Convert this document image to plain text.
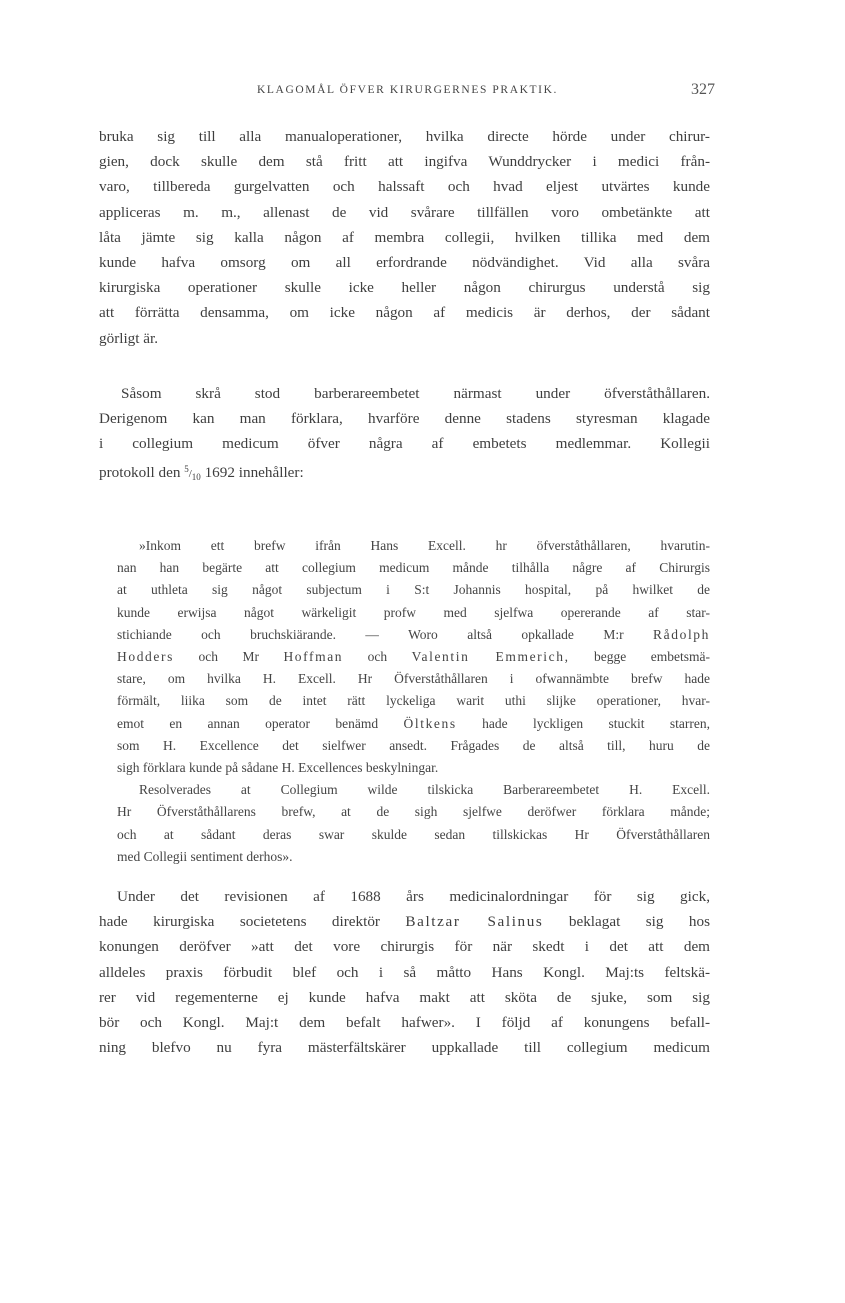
KLAGOMÅL ÖFVER KIRURGERNES PRAKTIK.	327
bruka sig till alla manualoperationer, hvilka directe hörde under chirur-
gien, dock skulle dem stå fritt att ingifva Wunddrycker i medici från-
varo, tillbereda gurgelvatten och halssaft och hvad eljest utvärtes kunde
appliceras m. m., allenast de vid svårare tillfällen voro ombetänkte att
låta jämte sig kalla någon af membra collegii, hvilken tillika med dem
kunde hafva omsorg om all erfordrande nödvändighet. Vid alla svåra
kirurgiska operationer skulle icke heller någon chirurgus understå sig
att förrätta densamma, om icke någon af medicis är derhos, der sådant
görligt är.
Såsom skrå stod barberareembetet närmast under öfverståthållaren.
Derigenom kan man förklara, hvarföre denne stadens styresman klagade
i collegium medicum öfver några af embetets medlemmar. Kollegii
protokoll den $^5/_{10}$ 1692 innehåller:

»Inkom ett brefw ifrån Hans Excell. hr öfverståthållaren, hvarutin-
nan han begärte att collegium medicum månde tilhålla någre af Chirurgis
at uthleta sig något subjectum i S:t Johannis hospital, på hwilket de
kunde erwijsa något wärkeligit profw med sjelfwa opererande af star-
stichiande och bruchskiärande. — Woro altså opkallade M:r Rådolph
Hodders och Mr Hoffman och Valentin Emmerich, begge embetsmä-
stare, om hvilka H. Excell. Hr Öfverståthållaren i ofwannämbte brefw hade
förmält, liika som de intet rätt lyckeliga warit uthi slijke operationer, hvar-
emot en annan operator benämd Öltkens hade lyckligen stuckit starren,
som H. Excellence det sielfwer ansedt. Frågades de altså till, huru de
sigh förklara kunde på sådane H. Excellences beskylningar.

Resolverades at Collegium wilde tilskicka Barberareembetet H. Excell.
Hr Öfverståthållarens brefw, at de sigh sjelfwe deröfwer förklara månde;
och at sådant deras swar skulde sedan tillskickas Hr Öfverståthållaren
med Collegii sentiment derhos».

Under det revisionen af 1688 års medicinalordningar för sig gick,
hade kirurgiska societetens direktör Baltzar Salinus beklagat sig hos
konungen deröfver »att det vore chirurgis för när skedt i det att dem
alldeles praxis förbudit blef och i så måtto Hans Kongl. Maj:ts feltskä-
rer vid regementerne ej kunde hafva makt att sköta de sjuke, som sig
bör och Kongl. Maj:t dem befalt hafwer». I följd af konungens befall-
ning blefvo nu fyra mästerfältskärer uppkallade till collegium medicum
